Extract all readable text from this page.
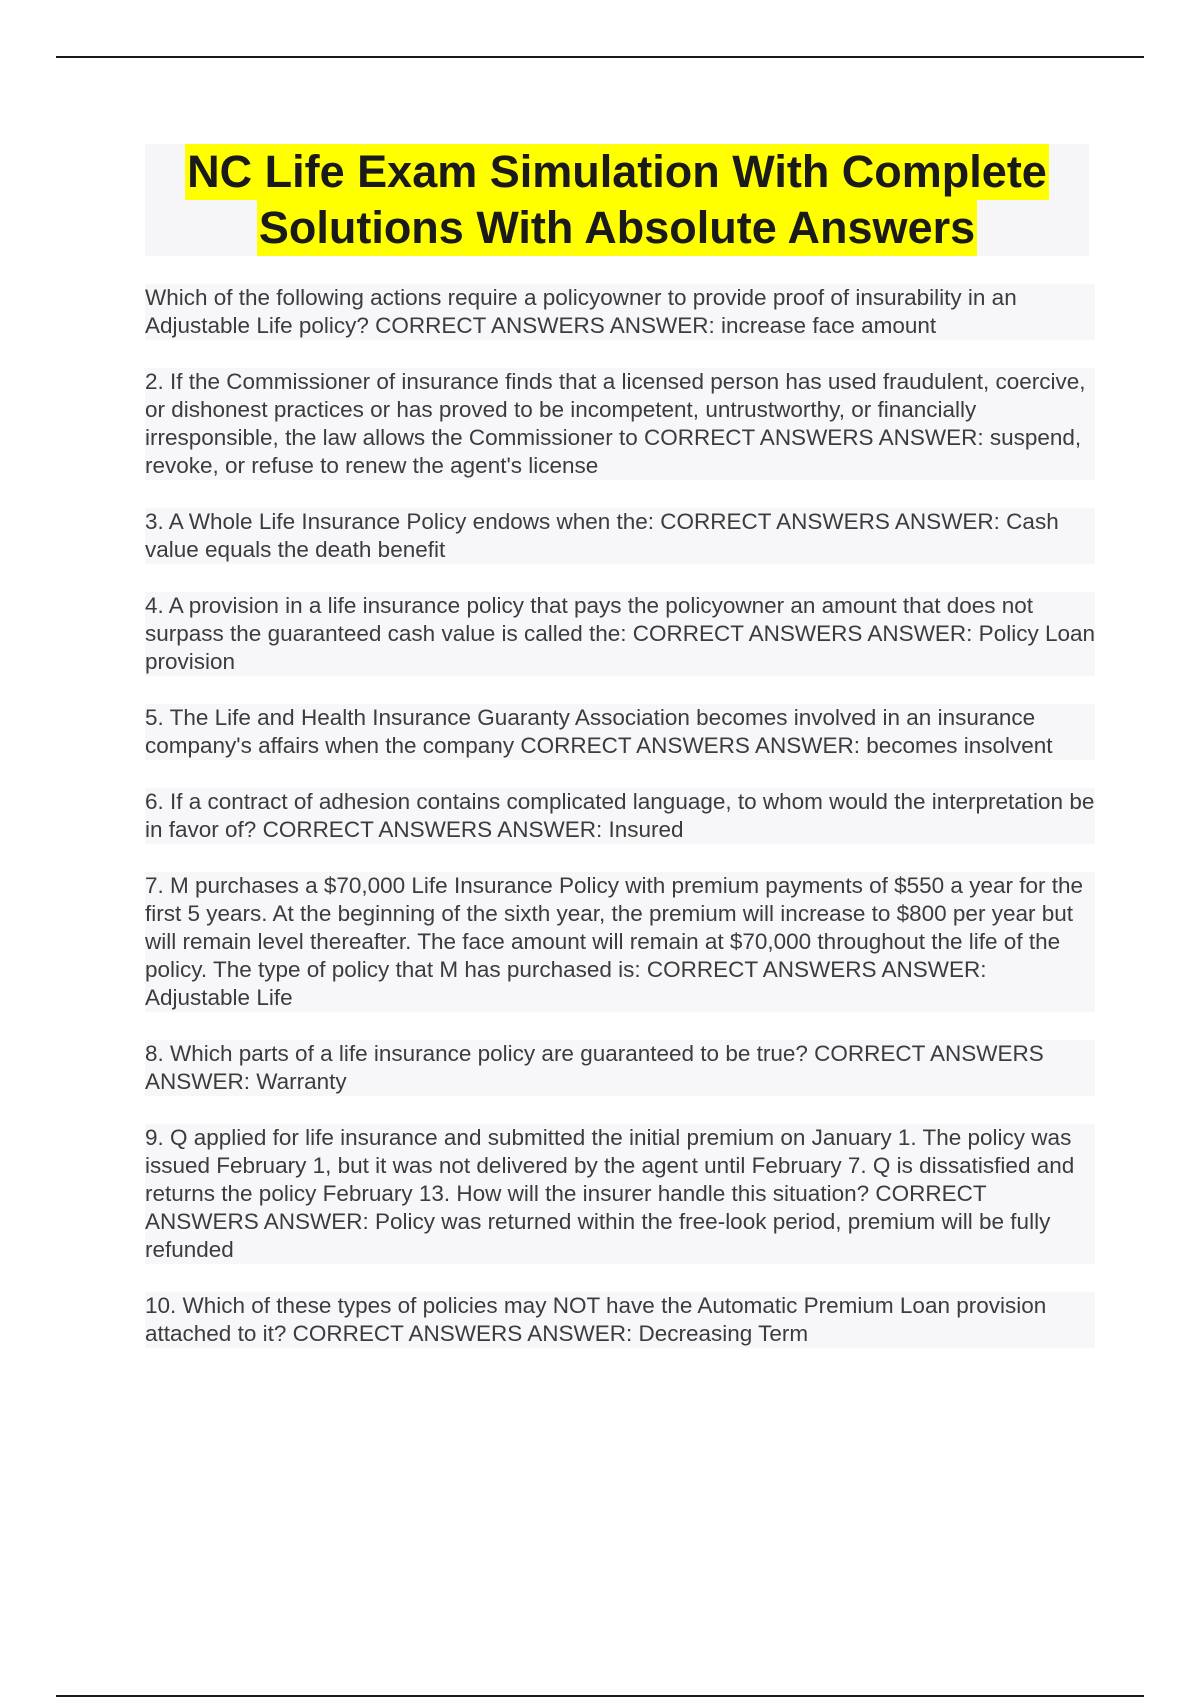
NC Life Exam Simulation With Complete
Solutions With Absolute Answers

Which of the following actions require a policyowner to provide proof of insurability in an Adjustable Life policy? CORRECT ANSWERS ANSWER: increase face amount

2. If the Commissioner of insurance finds that a licensed person has used fraudulent, coercive, or dishonest practices or has proved to be incompetent, untrustworthy, or financially irresponsible, the law allows the Commissioner to CORRECT ANSWERS ANSWER: suspend, revoke, or refuse to renew the agent's license

3. A Whole Life Insurance Policy endows when the: CORRECT ANSWERS ANSWER: Cash value equals the death benefit

4. A provision in a life insurance policy that pays the policyowner an amount that does not surpass the guaranteed cash value is called the: CORRECT ANSWERS ANSWER: Policy Loan provision

5. The Life and Health Insurance Guaranty Association becomes involved in an insurance company's affairs when the company CORRECT ANSWERS ANSWER: becomes insolvent

6. If a contract of adhesion contains complicated language, to whom would the interpretation be in favor of? CORRECT ANSWERS ANSWER: Insured

7. M purchases a $70,000 Life Insurance Policy with premium payments of $550 a year for the first 5 years. At the beginning of the sixth year, the premium will increase to $800 per year but will remain level thereafter. The face amount will remain at $70,000 throughout the life of the policy. The type of policy that M has purchased is: CORRECT ANSWERS ANSWER: Adjustable Life

8. Which parts of a life insurance policy are guaranteed to be true? CORRECT ANSWERS ANSWER: Warranty

9. Q applied for life insurance and submitted the initial premium on January 1. The policy was issued February 1, but it was not delivered by the agent until February 7. Q is dissatisfied and returns the policy February 13. How will the insurer handle this situation? CORRECT ANSWERS ANSWER: Policy was returned within the free-look period, premium will be fully refunded

10. Which of these types of policies may NOT have the Automatic Premium Loan provision attached to it? CORRECT ANSWERS ANSWER: Decreasing Term
